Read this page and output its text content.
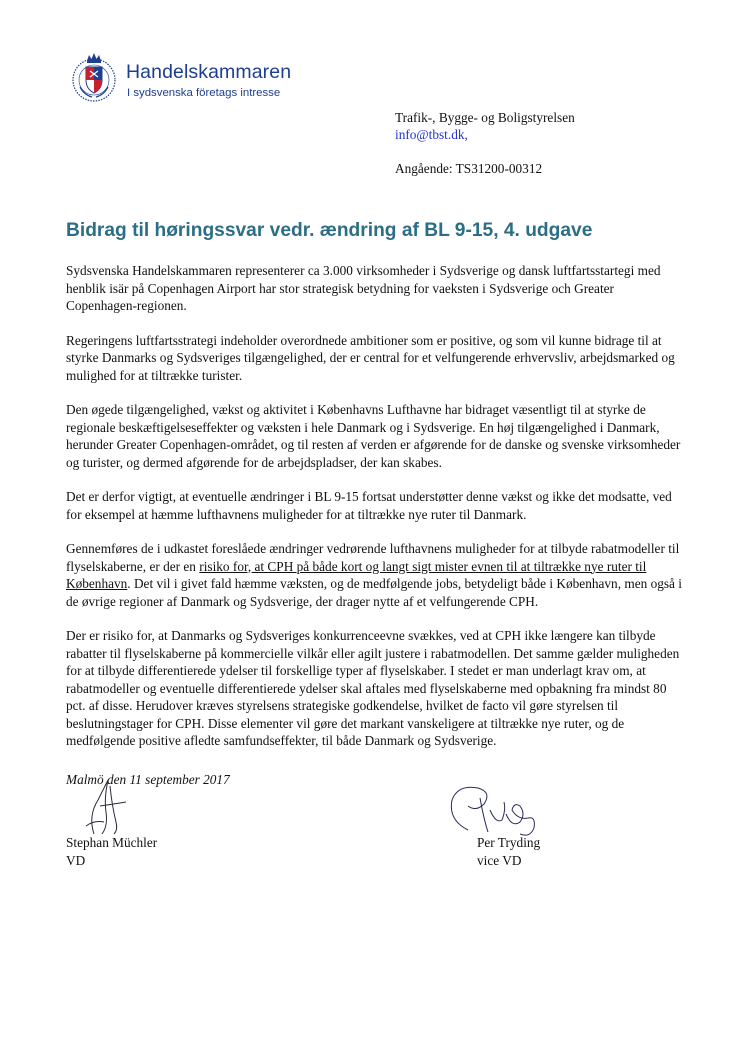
Handelskammaren
I sydsvenska företags intresse
Trafik-, Bygge- og Boligstyrelsen
info@tbst.dk,
Angående: TS31200-00312
Bidrag til høringssvar vedr. ændring af BL 9-15, 4. udgave

Sydsvenska Handelskammaren representerer ca 3.000 virksomheder i Sydsverige og dansk luftfartsstartegi med henblik isär på Copenhagen Airport har stor strategisk betydning for vaeksten i Sydsverige och Greater Copenhagen-regionen.

Regeringens luftfartsstrategi indeholder overordnede ambitioner som er positive, og som vil kunne bidrage til at styrke Danmarks og Sydsveriges tilgængelighed, der er central for et velfungerende erhvervsliv, arbejdsmarked og mulighed for at tiltrække turister.

Den øgede tilgængelighed, vækst og aktivitet i Københavns Lufthavne har bidraget væsentligt til at styrke de regionale beskæftigelseseffekter og væksten i hele Danmark og i Sydsverige. En høj tilgængelighed i Danmark, herunder Greater Copenhagen-området, og til resten af verden er afgørende for de danske og svenske virksomheder og turister, og dermed afgørende for de arbejdspladser, der kan skabes.

Det er derfor vigtigt, at eventuelle ændringer i BL 9-15 fortsat understøtter denne vækst og ikke det modsatte, ved for eksempel at hæmme lufthavnens muligheder for at tiltrække nye ruter til Danmark.

Gennemføres de i udkastet foreslåede ændringer vedrørende lufthavnens muligheder for at tilbyde rabatmodeller til flyselskaberne, er der en risiko for, at CPH på både kort og langt sigt mister evnen til at tiltrække nye ruter til København. Det vil i givet fald hæmme væksten, og de medfølgende jobs, betydeligt både i København, men også i de øvrige regioner af Danmark og Sydsverige, der drager nytte af et velfungerende CPH.

Der er risiko for, at Danmarks og Sydsveriges konkurrenceevne svækkes, ved at CPH ikke længere kan tilbyde rabatter til flyselskaberne på kommercielle vilkår eller agilt justere i rabatmodellen. Det samme gælder muligheden for at tilbyde differentierede ydelser til forskellige typer af flyselskaber. I stedet er man underlagt krav om, at rabatmodeller og eventuelle differentierede ydelser skal aftales med flyselskaberne med opbakning fra mindst 80 pct. af disse. Herudover kræves styrelsens strategiske godkendelse, hvilket de facto vil gøre styrelsen til beslutningstager for CPH. Disse elementer vil gøre det markant vanskeligere at tiltrække nye ruter, og de medfølgende positive afledte samfundseffekter, til både Danmark og Sydsverige.

Malmö den 11 september 2017
Stephan Müchler
VD
Per Tryding
vice VD
